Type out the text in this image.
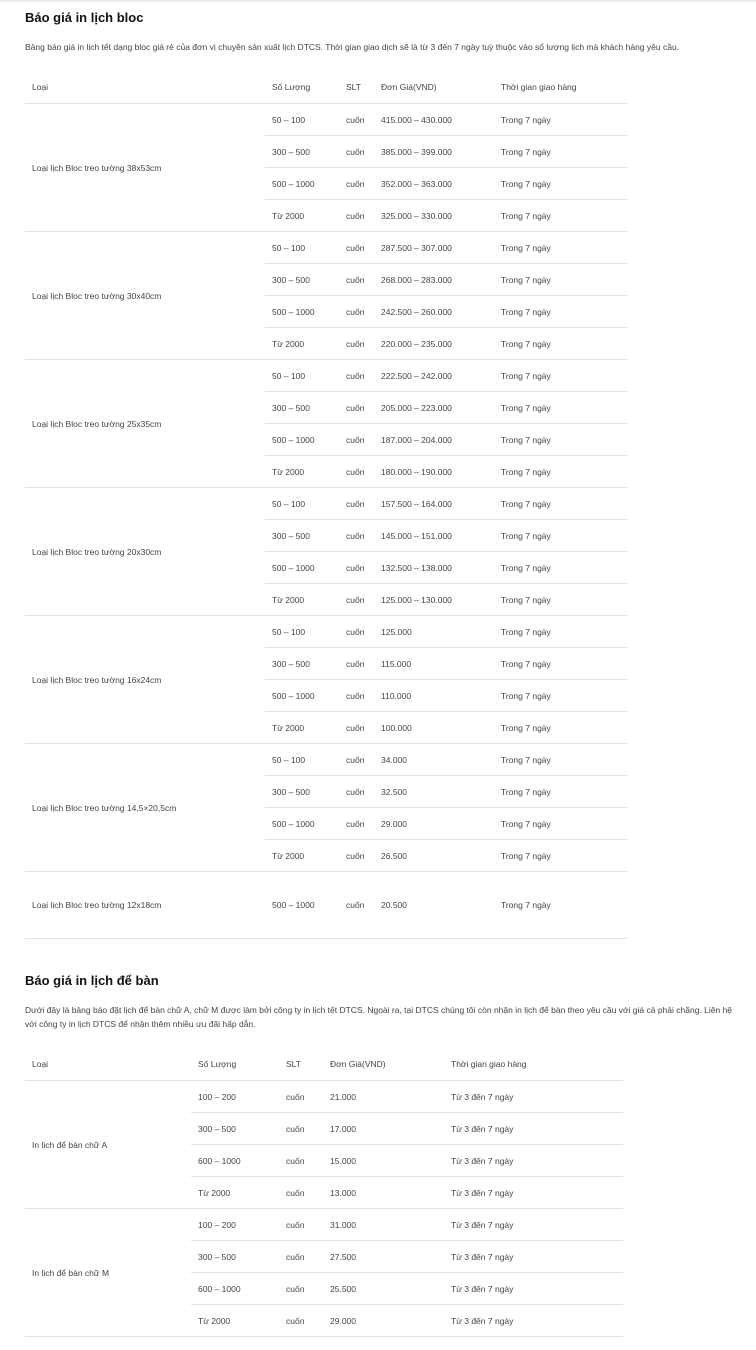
Báo giá in lịch bloc

Bảng báo giá in lịch tết dạng bloc giá rẻ của đơn vị chuyên sản xuất lịch DTCS. Thời gian giao dịch sẽ là từ 3 đến 7 ngày tuỳ thuộc vào số lượng lịch mà khách hàng yêu cầu.

Loại	Số Lượng	SLT	Đơn Giá(VND)	Thời gian giao hàng
Loại lịch Bloc treo tường 38x53cm	50 – 100	cuốn	415.000 – 430.000	Trong 7 ngày
	300 – 500	cuốn	385.000 – 399.000	Trong 7 ngày
	500 – 1000	cuốn	352.000 – 363.000	Trong 7 ngày
	Từ 2000	cuốn	325.000 – 330.000	Trong 7 ngày
Loại lịch Bloc treo tường 30x40cm	50 – 100	cuốn	287.500 – 307.000	Trong 7 ngày
	300 – 500	cuốn	268.000 – 283.000	Trong 7 ngày
	500 – 1000	cuốn	242.500 – 260.000	Trong 7 ngày
	Từ 2000	cuốn	220.000 – 235.000	Trong 7 ngày
Loại lịch Bloc treo tường 25x35cm	50 – 100	cuốn	222.500 – 242.000	Trong 7 ngày
	300 – 500	cuốn	205.000 – 223.000	Trong 7 ngày
	500 – 1000	cuốn	187.000 – 204.000	Trong 7 ngày
	Từ 2000	cuốn	180.000 – 190.000	Trong 7 ngày
Loại lịch Bloc treo tường 20x30cm	50 – 100	cuốn	157.500 – 164.000	Trong 7 ngày
	300 – 500	cuốn	145.000 – 151.000	Trong 7 ngày
	500 – 1000	cuốn	132.500 – 138.000	Trong 7 ngày
	Từ 2000	cuốn	125.000 – 130.000	Trong 7 ngày
Loại lịch Bloc treo tường 16x24cm	50 – 100	cuốn	125.000	Trong 7 ngày
	300 – 500	cuốn	115.000	Trong 7 ngày
	500 – 1000	cuốn	110.000	Trong 7 ngày
	Từ 2000	cuốn	100.000	Trong 7 ngày
Loại lịch Bloc treo tường 14,5×20,5cm	50 – 100	cuốn	34.000	Trong 7 ngày
	300 – 500	cuốn	32.500	Trong 7 ngày
	500 – 1000	cuốn	29.000	Trong 7 ngày
	Từ 2000	cuốn	26.500	Trong 7 ngày
Loại lịch Bloc treo tường 12x18cm	500 – 1000	cuốn	20.500	Trong 7 ngày
Báo giá in lịch để bàn

Dưới đây là bảng báo đặt lịch để bàn chữ A, chữ M được làm bởi công ty in lịch tết DTCS. Ngoài ra, tại DTCS chúng tôi còn nhận in lịch để bàn theo yêu cầu với giá cả phải chăng. Liên hệ với công ty in lịch DTCS để nhận thêm nhiều ưu đãi hấp dẫn.

Loại	Số Lượng	SLT	Đơn Giá(VND)	Thời gian giao hàng
In lịch để bàn chữ A	100 – 200	cuốn	21.000	Từ 3 đến 7 ngày
	300 – 500	cuốn	17.000	Từ 3 đến 7 ngày
	600 – 1000	cuốn	15.000	Từ 3 đến 7 ngày
	Từ 2000	cuốn	13.000	Từ 3 đến 7 ngày
In lịch để bàn chữ M	100 – 200	cuốn	31.000	Từ 3 đến 7 ngày
	300 – 500	cuốn	27.500	Từ 3 đến 7 ngày
	600 – 1000	cuốn	25.500	Từ 3 đến 7 ngày
	Từ 2000	cuốn	29.000	Từ 3 đến 7 ngày
